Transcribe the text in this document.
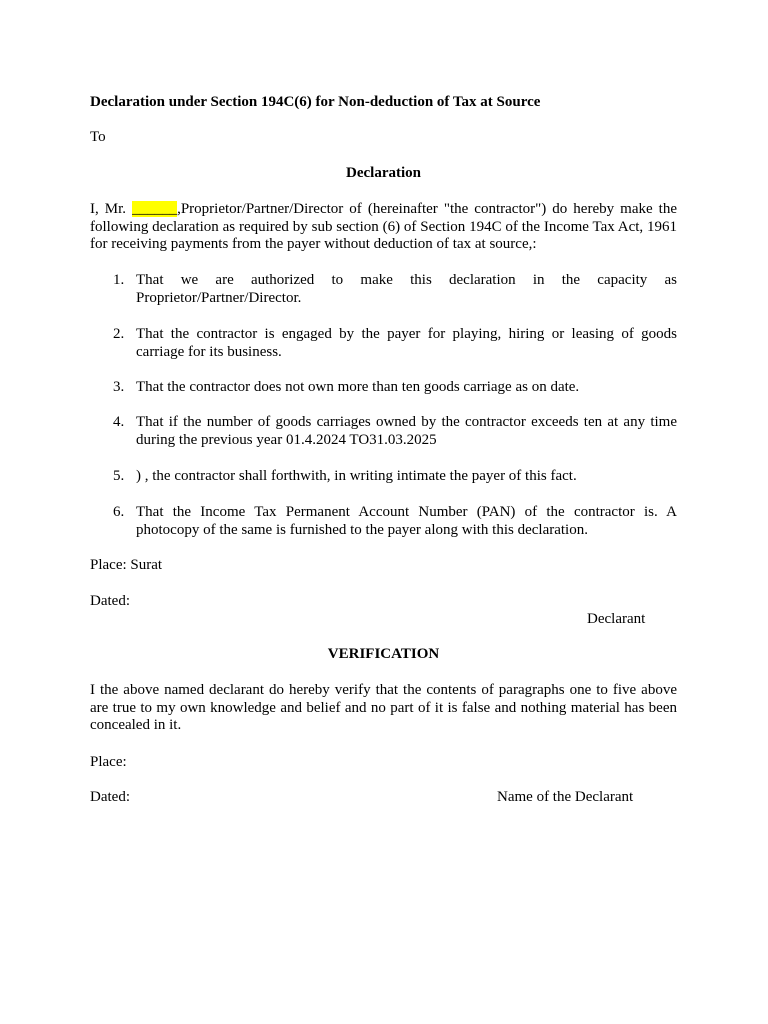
Declaration under Section 194C(6) for Non-deduction of Tax at Source

To

Declaration

I, Mr. ______,Proprietor/Partner/Director of (hereinafter "the contractor") do hereby make the following declaration as required by sub section (6) of Section 194C of the Income Tax Act, 1961 for receiving payments from the payer without deduction of tax at source,:

1. That we are authorized to make this declaration in the capacity as Proprietor/Partner/Director.
2. That the contractor is engaged by the payer for playing, hiring or leasing of goods carriage for its business.
3. That the contractor does not own more than ten goods carriage as on date.
4. That if the number of goods carriages owned by the contractor exceeds ten at any time during the previous year 01.4.2024 TO31.03.2025
5. ) , the contractor shall forthwith, in writing intimate the payer of this fact.
6. That the Income Tax Permanent Account Number (PAN) of the contractor is. A photocopy of the same is furnished to the payer along with this declaration.

Place: Surat

Dated:

Declarant

VERIFICATION

I the above named declarant do hereby verify that the contents of paragraphs one to five above are true to my own knowledge and belief and no part of it is false and nothing material has been concealed in it.

Place:

Dated:	Name of the Declarant
